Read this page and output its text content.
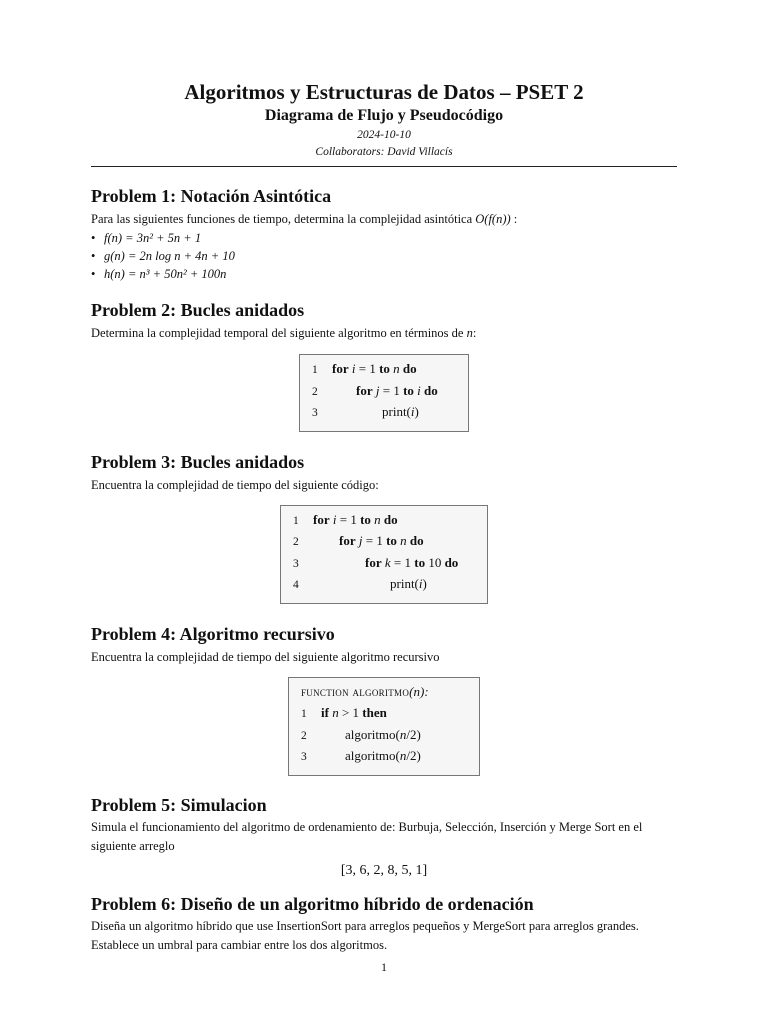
Algoritmos y Estructuras de Datos – PSET 2
Diagrama de Flujo y Pseudocódigo
2024-10-10
Collaborators: David Villacís
Problem 1: Notación Asintótica

Para las siguientes funciones de tiempo, determina la complejidad asintótica O(f(n)) :

• f(n) = 3n² + 5n + 1
• g(n) = 2n log n + 4n + 10
• h(n) = n³ + 50n² + 100n
Problem 2: Bucles anidados

Determina la complejidad temporal del siguiente algoritmo en términos de n:

1	for i = 1 to n do
2	for j = 1 to i do
3	print(i)
Problem 3: Bucles anidados

Encuentra la complejidad de tiempo del siguiente código:

1	for i = 1 to n do
2	for j = 1 to n do
3	for k = 1 to 10 do
4	print(i)
Problem 4: Algoritmo recursivo

Encuentra la complejidad de tiempo del siguiente algoritmo recursivo

function algoritmo (n):
1	if n > 1 then
2	algoritmo(n/2)
3	algoritmo(n/2)
Problem 5: Simulacion

Simula el funcionamiento del algoritmo de ordenamiento de: Burbuja, Selección, Inserción y Merge Sort en el siguiente arreglo

[3, 6, 2, 8, 5, 1]
Problem 6: Diseño de un algoritmo híbrido de ordenación

Diseña un algoritmo híbrido que use InsertionSort para arreglos pequeños y MergeSort para arreglos grandes. Establece un umbral para cambiar entre los dos algoritmos.

1
